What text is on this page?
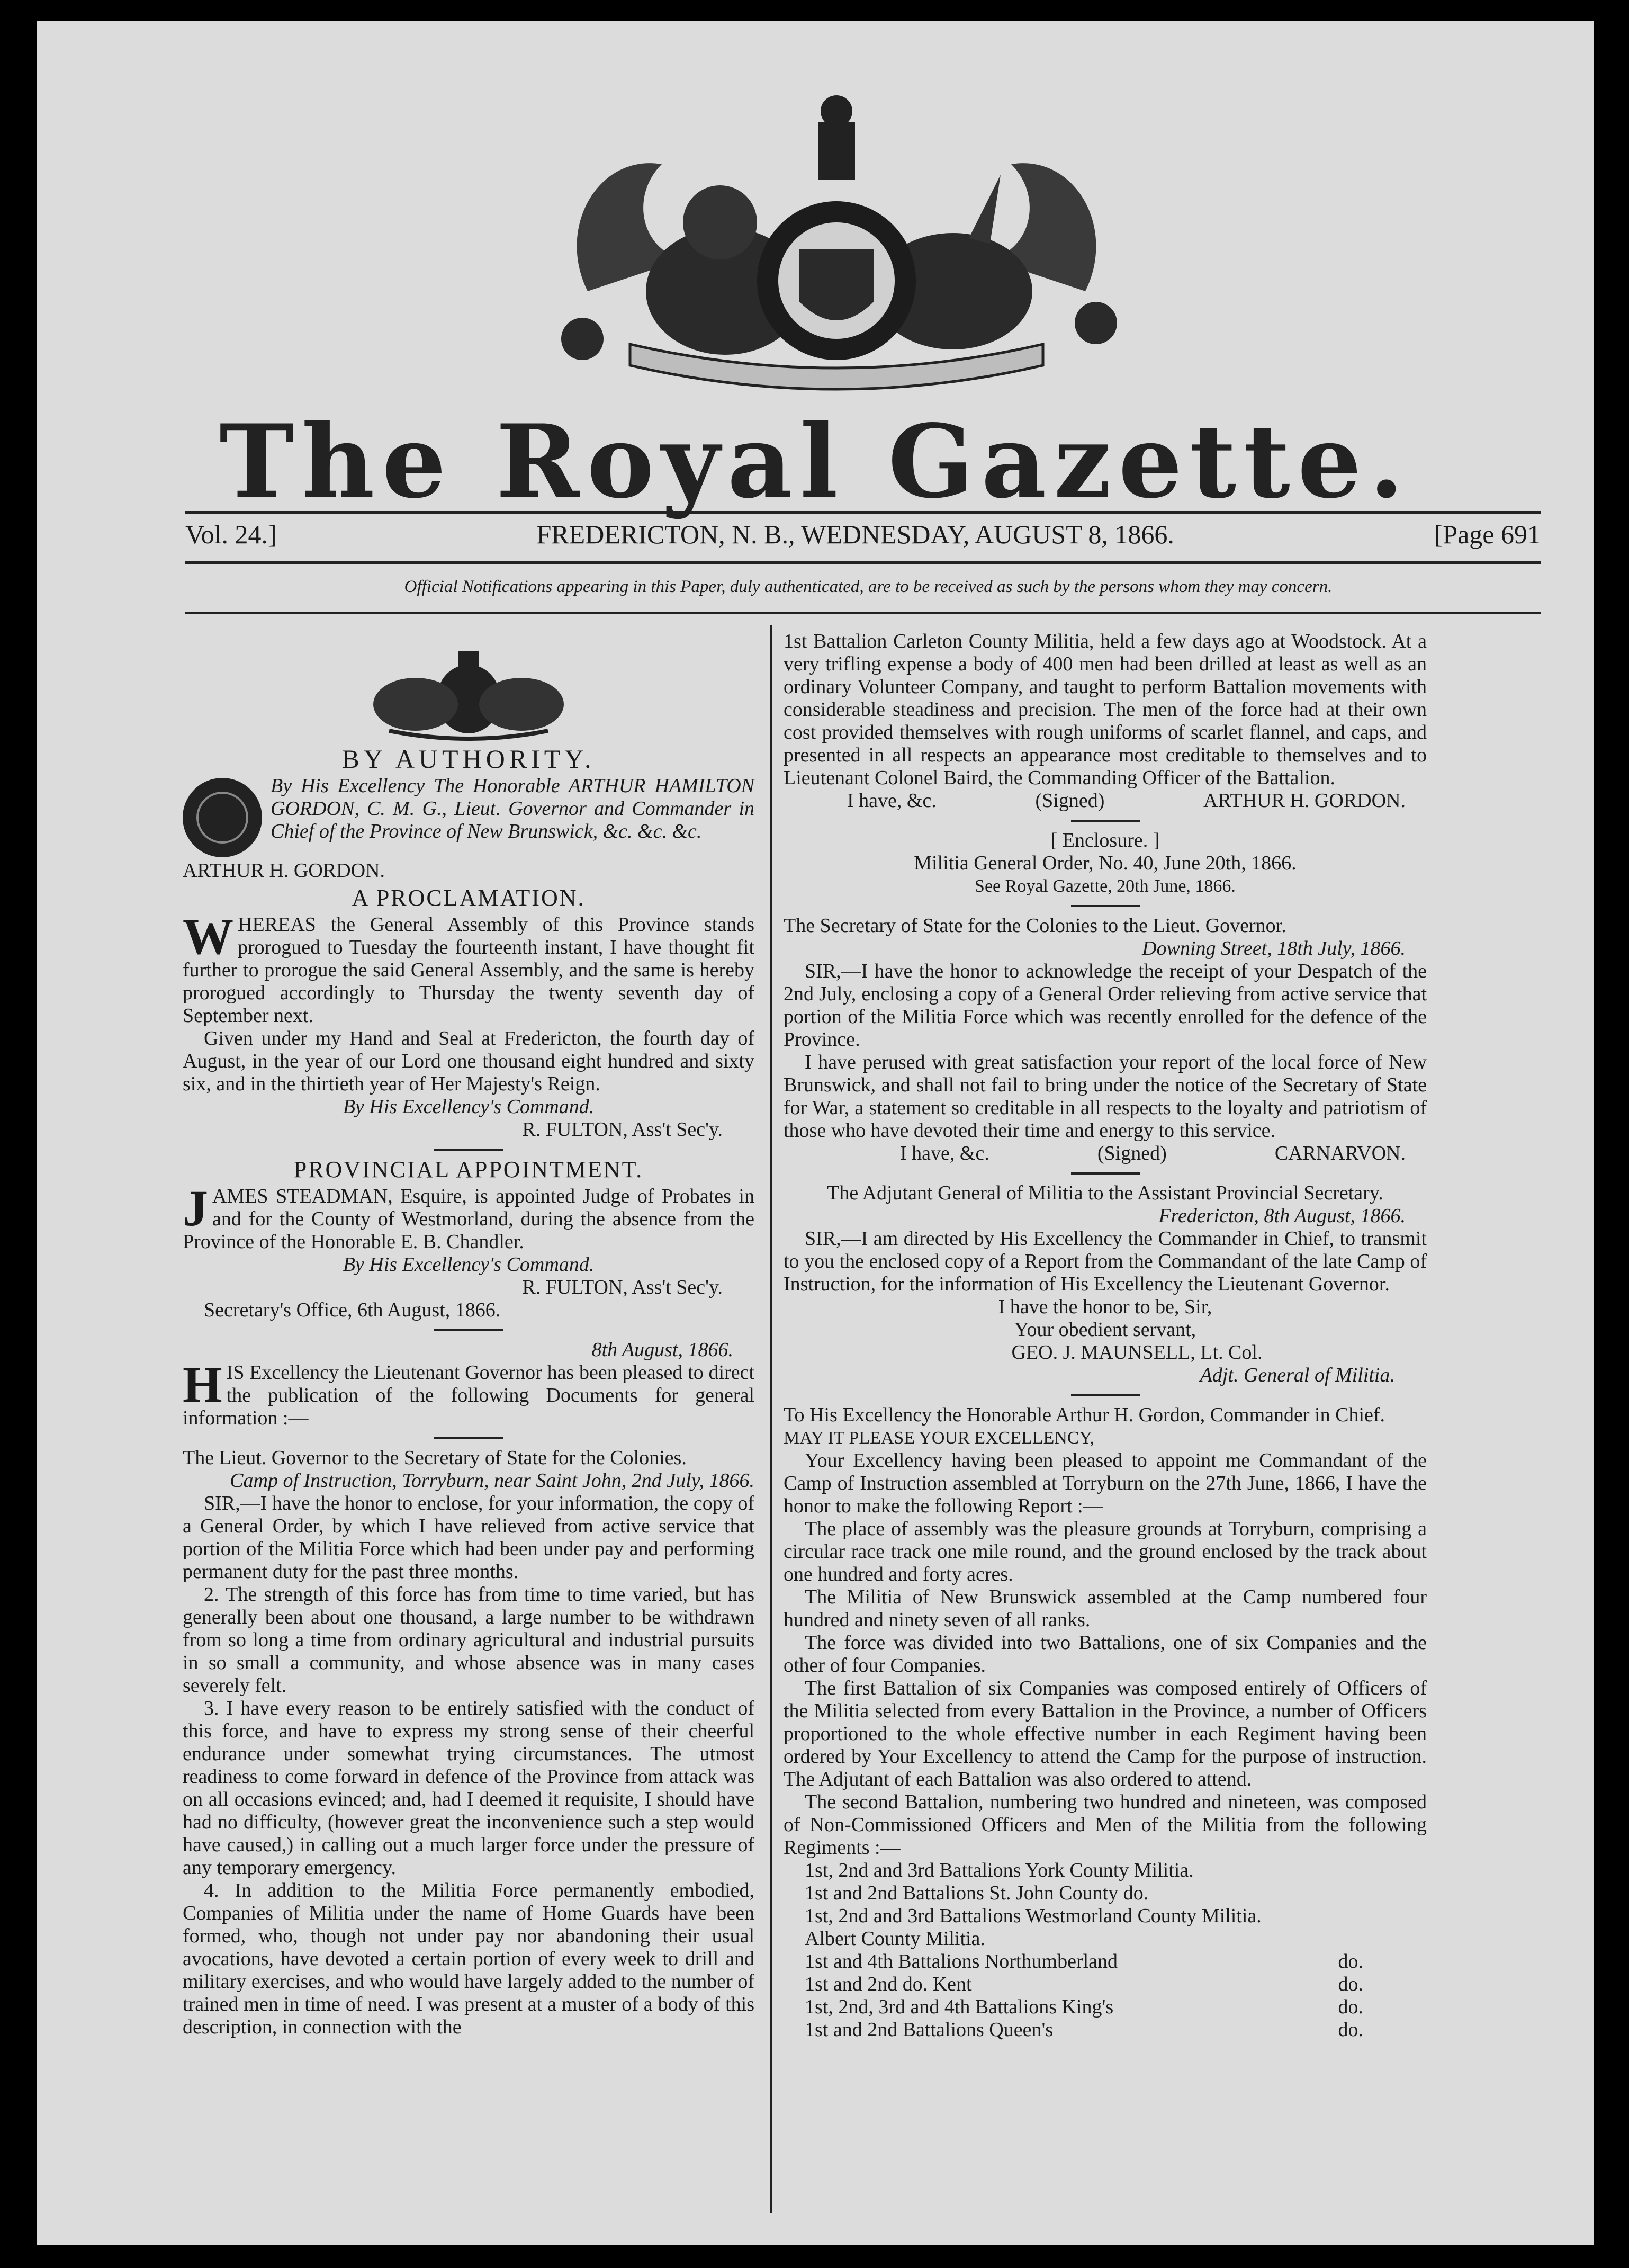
The Royal Gazette.
Vol. 24.]	FREDERICTON, N. B., WEDNESDAY, AUGUST 8, 1866.	[Page 691
Official Notifications appearing in this Paper, duly authenticated, are to be received as such by the persons whom they may concern.

BY AUTHORITY.

By His Excellency The Honorable ARTHUR HAMILTON GORDON, C. M. G., Lieut. Governor and Commander in Chief of the Province of New Brunswick, &c. &c. &c.

ARTHUR H. GORDON.

A PROCLAMATION.

WHEREAS the General Assembly of this Province stands prorogued to Tuesday the fourteenth instant, I have thought fit further to prorogue the said General Assembly, and the same is hereby prorogued accordingly to Thursday the twenty seventh day of September next.

Given under my Hand and Seal at Fredericton, the fourth day of August, in the year of our Lord one thousand eight hundred and sixty six, and in the thirtieth year of Her Majesty's Reign.

By His Excellency's Command.

R. FULTON, Ass't Sec'y.

PROVINCIAL APPOINTMENT.

JAMES STEADMAN, Esquire, is appointed Judge of Probates in and for the County of Westmorland, during the absence from the Province of the Honorable E. B. Chandler.

By His Excellency's Command.

R. FULTON, Ass't Sec'y.

Secretary's Office, 6th August, 1866.

8th August, 1866.

HIS Excellency the Lieutenant Governor has been pleased to direct the publication of the following Documents for general information :—

The Lieut. Governor to the Secretary of State for the Colonies.

Camp of Instruction, Torryburn, near Saint John, 2nd July, 1866.

SIR,—I have the honor to enclose, for your information, the copy of a General Order, by which I have relieved from active service that portion of the Militia Force which had been under pay and performing permanent duty for the past three months.

2. The strength of this force has from time to time varied, but has generally been about one thousand, a large number to be withdrawn from so long a time from ordinary agricultural and industrial pursuits in so small a community, and whose absence was in many cases severely felt.

3. I have every reason to be entirely satisfied with the conduct of this force, and have to express my strong sense of their cheerful endurance under somewhat trying circumstances. The utmost readiness to come forward in defence of the Province from attack was on all occasions evinced; and, had I deemed it requisite, I should have had no difficulty, (however great the inconvenience such a step would have caused,) in calling out a much larger force under the pressure of any temporary emergency.

4. In addition to the Militia Force permanently embodied, Companies of Militia under the name of Home Guards have been formed, who, though not under pay nor abandoning their usual avocations, have devoted a certain portion of every week to drill and military exercises, and who would have largely added to the number of trained men in time of need. I was present at a muster of a body of this description, in connection with the

1st Battalion Carleton County Militia, held a few days ago at Woodstock. At a very trifling expense a body of 400 men had been drilled at least as well as an ordinary Volunteer Company, and taught to perform Battalion movements with considerable steadiness and precision. The men of the force had at their own cost provided themselves with rough uniforms of scarlet flannel, and caps, and presented in all respects an appearance most creditable to themselves and to Lieutenant Colonel Baird, the Commanding Officer of the Battalion.

I have, &c.	(Signed)	ARTHUR H. GORDON.

[ Enclosure. ]

Militia General Order, No. 40, June 20th, 1866.

See Royal Gazette, 20th June, 1866.

The Secretary of State for the Colonies to the Lieut. Governor.

Downing Street, 18th July, 1866.

SIR,—I have the honor to acknowledge the receipt of your Despatch of the 2nd July, enclosing a copy of a General Order relieving from active service that portion of the Militia Force which was recently enrolled for the defence of the Province.

I have perused with great satisfaction your report of the local force of New Brunswick, and shall not fail to bring under the notice of the Secretary of State for War, a statement so creditable in all respects to the loyalty and patriotism of those who have devoted their time and energy to this service.

I have, &c.	(Signed)	CARNARVON.

The Adjutant General of Militia to the Assistant Provincial Secretary.

Fredericton, 8th August, 1866.

SIR,—I am directed by His Excellency the Commander in Chief, to transmit to you the enclosed copy of a Report from the Commandant of the late Camp of Instruction, for the information of His Excellency the Lieutenant Governor.

I have the honor to be, Sir,

Your obedient servant,

GEO. J. MAUNSELL, Lt. Col.

Adjt. General of Militia.

To His Excellency the Honorable Arthur H. Gordon, Commander in Chief.

MAY IT PLEASE YOUR EXCELLENCY,

Your Excellency having been pleased to appoint me Commandant of the Camp of Instruction assembled at Torryburn on the 27th June, 1866, I have the honor to make the following Report :—

The place of assembly was the pleasure grounds at Torryburn, comprising a circular race track one mile round, and the ground enclosed by the track about one hundred and forty acres.

The Militia of New Brunswick assembled at the Camp numbered four hundred and ninety seven of all ranks.

The force was divided into two Battalions, one of six Companies and the other of four Companies.

The first Battalion of six Companies was composed entirely of Officers of the Militia selected from every Battalion in the Province, a number of Officers proportioned to the whole effective number in each Regiment having been ordered by Your Excellency to attend the Camp for the purpose of instruction. The Adjutant of each Battalion was also ordered to attend.

The second Battalion, numbering two hundred and nineteen, was composed of Non-Commissioned Officers and Men of the Militia from the following Regiments :—

1st, 2nd and 3rd Battalions York County Militia.

1st and 2nd Battalions St. John County do.

1st, 2nd and 3rd Battalions Westmorland County Militia.

Albert County Militia.

1st and 4th Battalions Northumberland	do.

1st and 2nd do. Kent	do.

1st, 2nd, 3rd and 4th Battalions King's	do.

1st and 2nd Battalions Queen's	do.
